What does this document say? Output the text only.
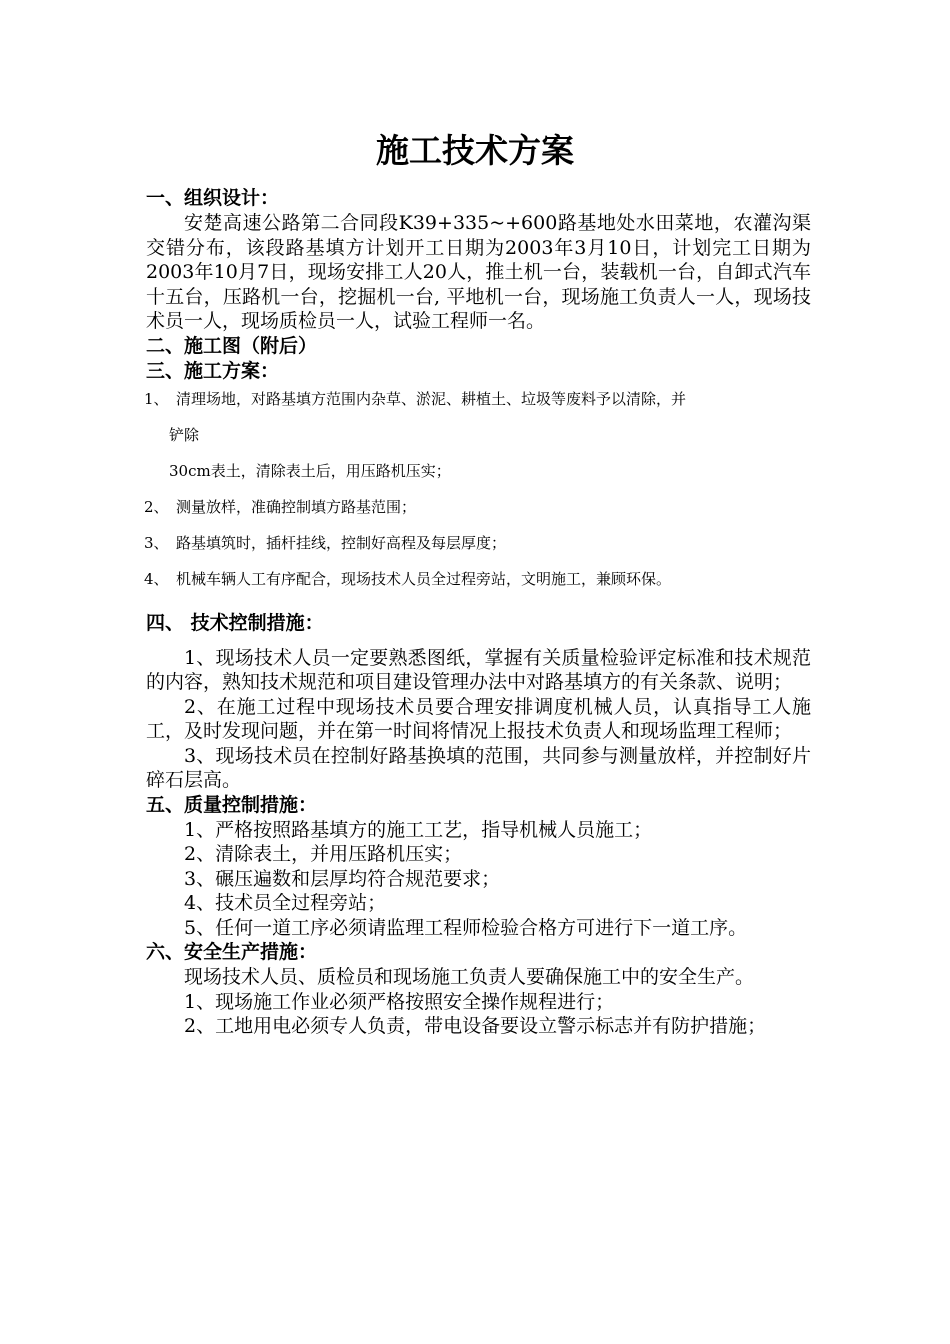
施工技术方案

一、组织设计：

安楚高速公路第二合同段K39+335~+600路基地处水田菜地，农灌沟渠交错分布，该段路基填方计划开工日期为2003年3月10日，计划完工日期为2003年10月7日，现场安排工人20人，推土机一台，装载机一台，自卸式汽车十五台，压路机一台，挖掘机一台, 平地机一台，现场施工负责人一人，现场技术员一人，现场质检员一人，试验工程师一名。

二、施工图（附后）

三、施工方案：

1、 清理场地，对路基填方范围内杂草、淤泥、耕植土、垃圾等废料予以清除，并

铲除

30cm表土，清除表土后，用压路机压实；

2、 测量放样，准确控制填方路基范围；

3、 路基填筑时，插杆挂线，控制好高程及每层厚度；

4、 机械车辆人工有序配合，现场技术人员全过程旁站，文明施工，兼顾环保。

四、 技术控制措施：

1、现场技术人员一定要熟悉图纸，掌握有关质量检验评定标准和技术规范的内容，熟知技术规范和项目建设管理办法中对路基填方的有关条款、说明；

2、在施工过程中现场技术员要合理安排调度机械人员，认真指导工人施工，及时发现问题，并在第一时间将情况上报技术负责人和现场监理工程师；

3、现场技术员在控制好路基换填的范围，共同参与测量放样，并控制好片碎石层高。

五、质量控制措施：

1、严格按照路基填方的施工工艺，指导机械人员施工；

2、清除表土，并用压路机压实；

3、碾压遍数和层厚均符合规范要求；

4、技术员全过程旁站；

5、任何一道工序必须请监理工程师检验合格方可进行下一道工序。

六、安全生产措施：

现场技术人员、质检员和现场施工负责人要确保施工中的安全生产。

1、现场施工作业必须严格按照安全操作规程进行；

2、工地用电必须专人负责，带电设备要设立警示标志并有防护措施；
